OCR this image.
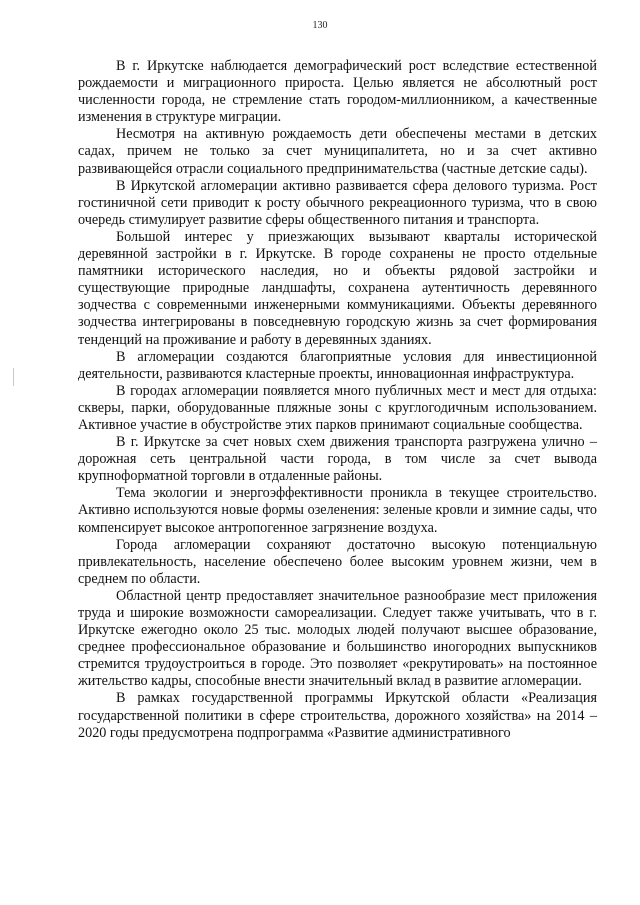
130

В г. Иркутске наблюдается демографический рост вследствие естественной рождаемости и миграционного прироста. Целью является не абсолютный рост численности города, не стремление стать городом-миллионником, а качественные изменения в структуре миграции.

Несмотря на активную рождаемость дети обеспечены местами в детских садах, причем не только за счет муниципалитета, но и за счет активно развивающейся отрасли социального предпринимательства (частные детские сады).

В Иркутской агломерации активно развивается сфера делового туризма. Рост гостиничной сети приводит к росту обычного рекреационного туризма, что в свою очередь стимулирует развитие сферы общественного питания и транспорта.

Большой интерес у приезжающих вызывают кварталы исторической деревянной застройки в г. Иркутске. В городе сохранены не просто отдельные памятники исторического наследия, но и объекты рядовой застройки и существующие природные ландшафты, сохранена аутентичность деревянного зодчества с современными инженерными коммуникациями. Объекты деревянного зодчества интегрированы в повседневную городскую жизнь за счет формирования тенденций на проживание и работу в деревянных зданиях.

В агломерации создаются благоприятные условия для инвестиционной деятельности, развиваются кластерные проекты, инновационная инфраструктура.

В городах агломерации появляется много публичных мест и мест для отдыха: скверы, парки, оборудованные пляжные зоны с круглогодичным использованием. Активное участие в обустройстве этих парков принимают социальные сообщества.

В г. Иркутске за счет новых схем движения транспорта разгружена улично –дорожная сеть центральной части города, в том числе за счет вывода крупноформатной торговли в отдаленные районы.

Тема экологии и энергоэффективности проникла в текущее строительство. Активно используются новые формы озеленения: зеленые кровли и зимние сады, что компенсирует высокое антропогенное загрязнение воздуха.

Города агломерации сохраняют достаточно высокую потенциальную привлекательность, население обеспечено более высоким уровнем жизни, чем в среднем по области.

Областной центр предоставляет значительное разнообразие мест приложения труда и широкие возможности самореализации. Следует также учитывать, что в г. Иркутске ежегодно около 25 тыс. молодых людей получают высшее образование, среднее профессиональное образование и большинство иногородних выпускников стремится трудоустроиться в городе. Это позволяет «рекрутировать» на постоянное жительство кадры, способные внести значительный вклад в развитие агломерации.

В рамках государственной программы Иркутской области «Реализация государственной политики в сфере строительства, дорожного хозяйства» на 2014 – 2020 годы предусмотрена подпрограмма «Развитие административного
